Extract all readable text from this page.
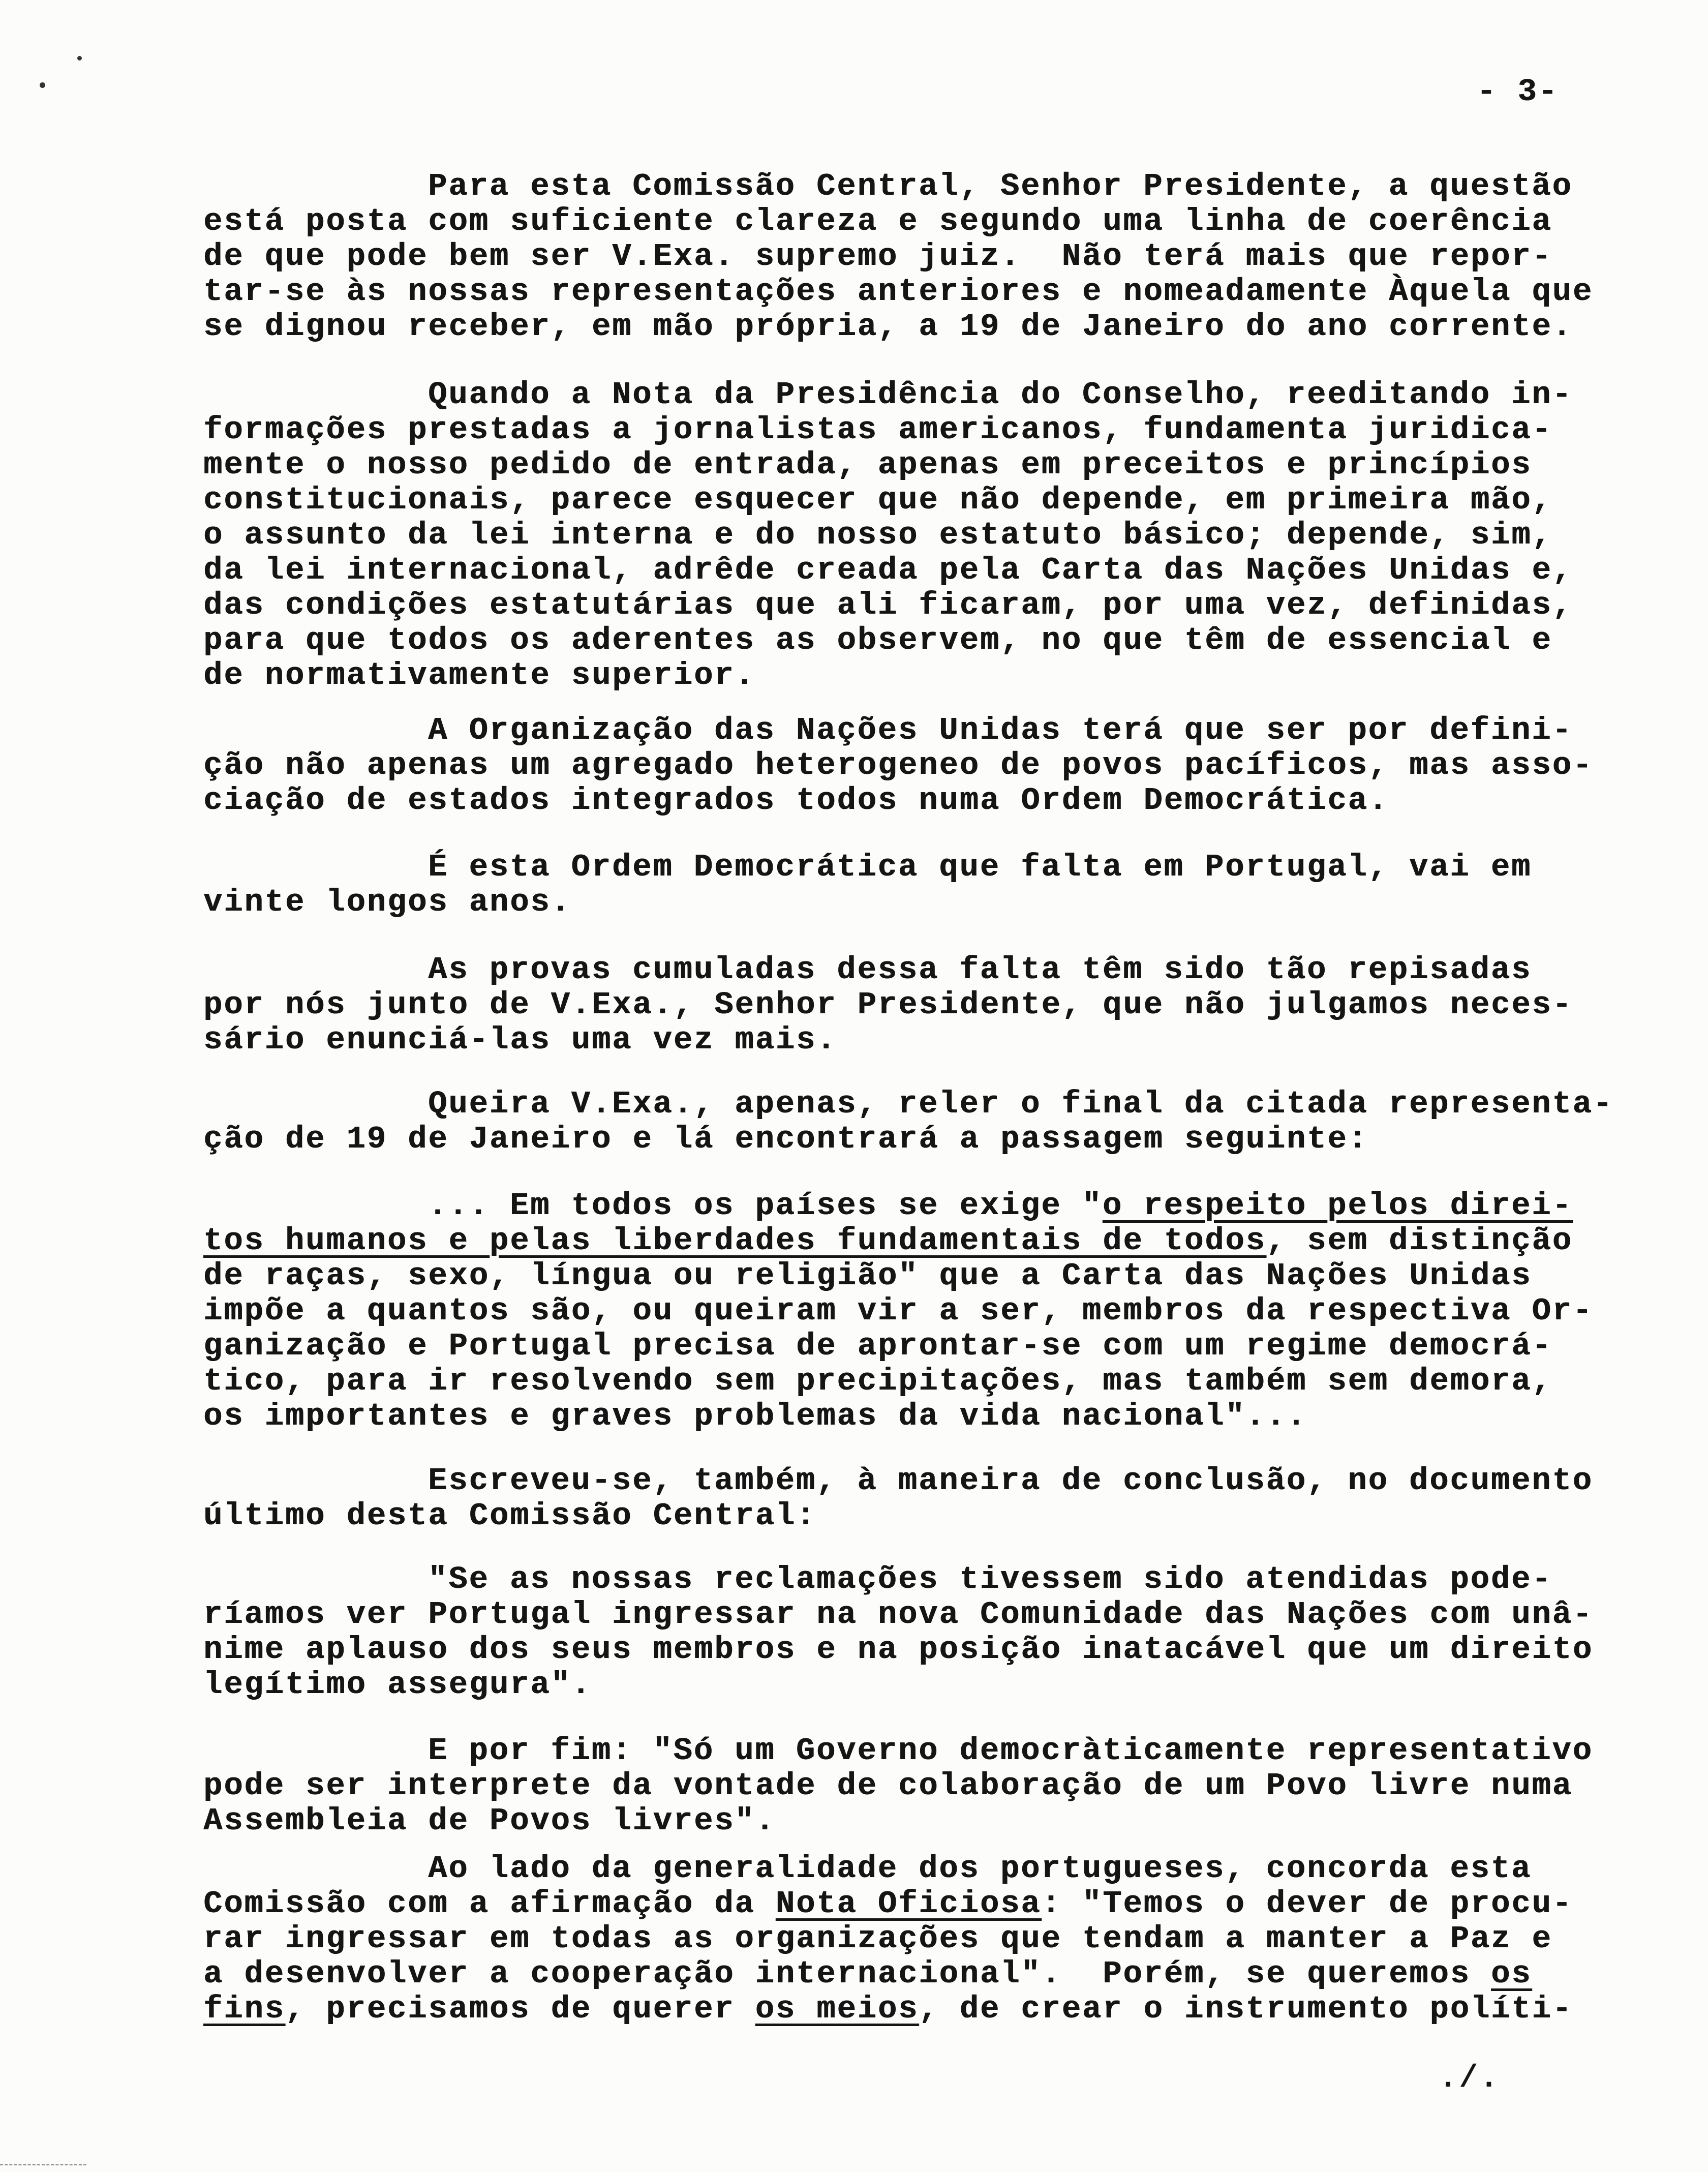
- 3-
Para esta Comissão Central, Senhor Presidente, a questão
está posta com suficiente clareza e segundo uma linha de coerência
de que pode bem ser V.Exa. supremo juiz.  Não terá mais que repor-
tar-se às nossas representações anteriores e nomeadamente Àquela que
se dignou receber, em mão própria, a 19 de Janeiro do ano corrente.
Quando a Nota da Presidência do Conselho, reeditando in-
formações prestadas a jornalistas americanos, fundamenta juridica-
mente o nosso pedido de entrada, apenas em preceitos e princípios
constitucionais, parece esquecer que não depende, em primeira mão,
o assunto da lei interna e do nosso estatuto básico; depende, sim,
da lei internacional, adrêde creada pela Carta das Nações Unidas e,
das condições estatutárias que ali ficaram, por uma vez, definidas,
para que todos os aderentes as observem, no que têm de essencial e
de normativamente superior.
A Organização das Nações Unidas terá que ser por defini-
ção não apenas um agregado heterogeneo de povos pacíficos, mas asso-
ciação de estados integrados todos numa Ordem Democrática.
É esta Ordem Democrática que falta em Portugal, vai em
vinte longos anos.
As provas cumuladas dessa falta têm sido tão repisadas
por nós junto de V.Exa., Senhor Presidente, que não julgamos neces-
sário enunciá-las uma vez mais.
Queira V.Exa., apenas, reler o final da citada representa-
ção de 19 de Janeiro e lá encontrará a passagem seguinte:
... Em todos os países se exige "o respeito pelos direi-
tos humanos e pelas liberdades fundamentais de todos, sem distinção
de raças, sexo, língua ou religião" que a Carta das Nações Unidas
impõe a quantos são, ou queiram vir a ser, membros da respectiva Or-
ganização e Portugal precisa de aprontar-se com um regime democrá-
tico, para ir resolvendo sem precipitações, mas também sem demora,
os importantes e graves problemas da vida nacional"...
Escreveu-se, também, à maneira de conclusão, no documento
último desta Comissão Central:
"Se as nossas reclamações tivessem sido atendidas pode-
ríamos ver Portugal ingressar na nova Comunidade das Nações com unâ-
nime aplauso dos seus membros e na posição inatacável que um direito
legítimo assegura".
E por fim: "Só um Governo democràticamente representativo
pode ser interprete da vontade de colaboração de um Povo livre numa
Assembleia de Povos livres".
Ao lado da generalidade dos portugueses, concorda esta
Comissão com a afirmação da Nota Oficiosa: "Temos o dever de procu-
rar ingressar em todas as organizações que tendam a manter a Paz e
a desenvolver a cooperação internacional".  Porém, se queremos os
fins, precisamos de querer os meios, de crear o instrumento políti-
./.
